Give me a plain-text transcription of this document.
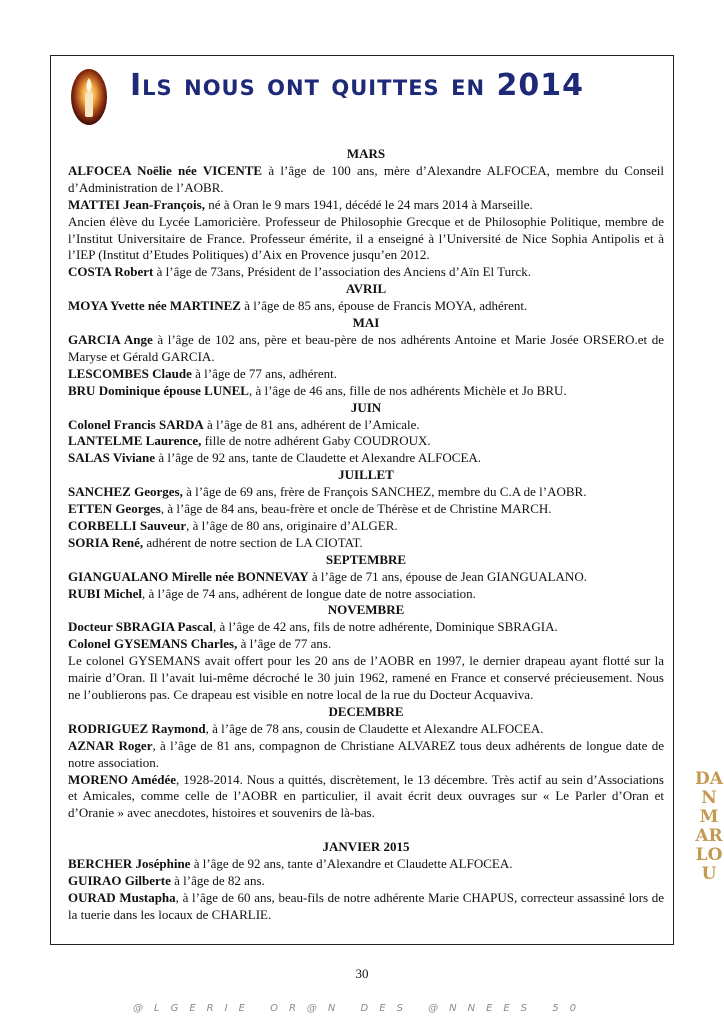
Ils nous ont quittes en 2014

MARS

ALFOCEA Noëlie née VICENTE à l’âge de 100 ans, mère d’Alexandre ALFOCEA, membre du Conseil d’Administration de l’AOBR.

MATTEI Jean-François, né à Oran le 9 mars 1941, décédé le 24 mars 2014 à Marseille.

Ancien élève du Lycée Lamoricière. Professeur de Philosophie Grecque et de Philosophie Politique, membre de l’Institut Universitaire de France. Professeur émérite, il a enseigné à l’Université de Nice Sophia Antipolis et à l’IEP (Institut d’Etudes Politiques) d’Aix en Provence jusqu’en 2012.

COSTA Robert à l’âge de 73ans, Président de l’association des Anciens d’Aïn El Turck.

AVRIL

MOYA Yvette née MARTINEZ à l’âge de 85 ans, épouse de Francis MOYA, adhérent.

MAI

GARCIA Ange à l’âge de 102 ans, père et beau-père de nos adhérents Antoine et Marie Josée ORSERO.et de Maryse et Gérald GARCIA.

LESCOMBES Claude à l’âge de 77 ans, adhérent.

BRU Dominique épouse LUNEL, à l’âge de 46 ans, fille de nos adhérents Michèle et Jo BRU.

JUIN

Colonel Francis SARDA à l’âge de 81 ans, adhérent de l’Amicale.

LANTELME Laurence, fille de notre adhérent Gaby COUDROUX.

SALAS Viviane à l’âge de 92 ans, tante de Claudette et Alexandre ALFOCEA.

JUILLET

SANCHEZ Georges, à l’âge de 69 ans, frère de François SANCHEZ, membre du C.A de l’AOBR.

ETTEN Georges, à l’âge de 84 ans, beau-frère et oncle de Thérèse et de Christine MARCH.

CORBELLI Sauveur, à l’âge de 80 ans, originaire d’ALGER.

SORIA René, adhérent de notre section de LA CIOTAT.

SEPTEMBRE

GIANGUALANO Mirelle née BONNEVAY à l’âge de 71 ans, épouse de Jean GIANGUALANO.

RUBI Michel, à l’âge de 74 ans, adhérent de longue date de notre association.

NOVEMBRE

Docteur SBRAGIA Pascal, à l’âge de 42 ans, fils de notre adhérente, Dominique SBRAGIA.

Colonel GYSEMANS Charles, à l’âge de 77 ans.

Le colonel GYSEMANS avait offert pour les 20 ans de l’AOBR en 1997, le dernier drapeau ayant flotté sur la mairie d’Oran. Il l’avait lui-même décroché le 30 juin 1962, ramené en France et conservé précieusement. Nous ne l’oublierons pas. Ce drapeau est visible en notre local de la rue du Docteur Acquaviva.

DECEMBRE

RODRIGUEZ Raymond, à l’âge de 78 ans, cousin de Claudette et Alexandre ALFOCEA.

AZNAR Roger, à l’âge de 81 ans, compagnon de Christiane ALVAREZ tous deux adhérents de longue date de notre association.

MORENO Amédée, 1928-2014. Nous a quittés, discrètement, le 13 décembre. Très actif au sein d’Associations et Amicales, comme celle de l’AOBR en particulier, il avait écrit deux ouvrages sur « Le Parler d’Oran et d’Oranie » avec anecdotes, histoires et souvenirs de là-bas.

JANVIER 2015

BERCHER Joséphine à l’âge de 92 ans, tante d’Alexandre et Claudette ALFOCEA.

GUIRAO Gilberte à l’âge de 82 ans.

OURAD Mustapha, à l’âge de 60 ans, beau-fils de notre adhérente Marie CHAPUS, correcteur assassiné lors de la tuerie dans les locaux de CHARLIE.

30
@LGERIE OR@N DES @NNEES 50
DANMARLOU
